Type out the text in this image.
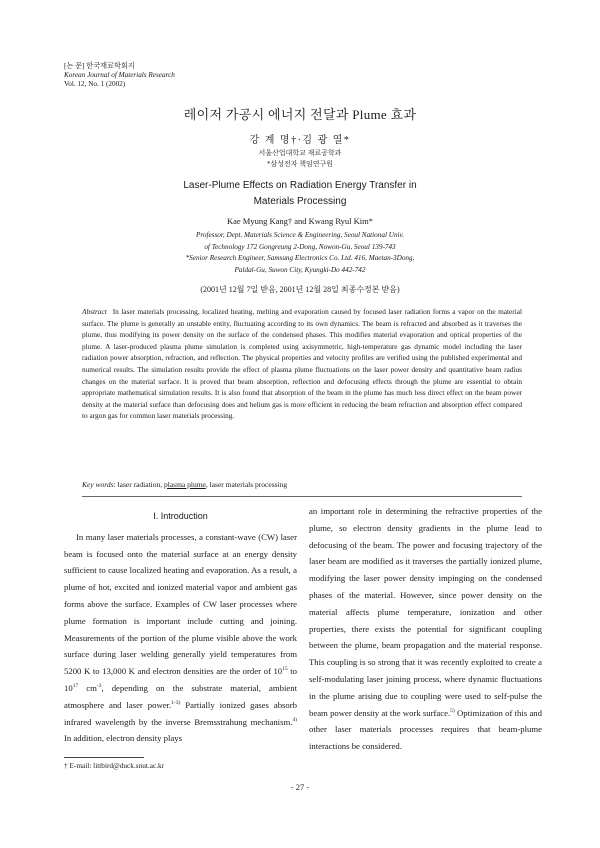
[논 문] 한국재료학회지
Korean Journal of Materials Research
Vol. 12, No. 1 (2002)
레이저 가공시 에너지 전달과 Plume 효과
강 계 명†·김 광 열*
서울산업대학교 재료공학과
*삼성전자 책임연구원
Laser-Plume Effects on Radiation Energy Transfer in
Materials Processing
Kae Myung Kang† and Kwang Ryul Kim*
Professor, Dept. Materials Science & Engineering, Seoul National Univ.
of Technology 172 Gongreung 2-Dong, Nowon-Gu, Seoul 139-743
*Senior Research Engineer, Samsung Electronics Co. Ltd. 416, Maetan-3Dong,
Paldal-Gu, Suwon City, Kyungki-Do 442-742
(2001년 12월 7일 받음, 2001년 12월 28일 최종수정본 받음)
Abstract In laser materials processing, localized heating, melting and evaporation caused by focused laser radiation forms a vapor on the material surface. The plume is generally an unstable entity, fluctuating according to its own dynamics. The beam is refracted and absorbed as it traverses the plume, thus modifying its power density on the surface of the condensed phases. This modifies material evaporation and optical properties of the plume. A laser-produced plasma plume simulation is completed using axisymmetric, high-temperature gas dynamic model including the laser radiation power absorption, refraction, and reflection. The physical properties and velocity profiles are verified using the published experimental and numerical results. The simulation results provide the effect of plasma plume fluctuations on the laser power density and quantitative beam radius changes on the material surface. It is proved that beam absorption, reflection and defocusing effects through the plume are essential to obtain appropriate mathematical simulation results. It is also found that absorption of the beam in the plume has much less direct effect on the beam power density at the material surface than defocusing does and helium gas is more efficient in reducing the beam refraction and absorption effect compared to argon gas for common laser materials processing.
Key words: laser radiation, plasma plume, laser materials processing
I. Introduction

In many laser materials processes, a constant-wave (CW) laser beam is focused onto the material surface at an energy density sufficient to cause localized heating and evaporation. As a result, a plume of hot, excited and ionized material vapor and ambient gas forms above the surface. Examples of CW laser processes where plume formation is important include cutting and joining. Measurements of the portion of the plume visible above the work surface during laser welding generally yield temperatures from 5200 K to 13,000 K and electron densities are the order of $10^{15}$ to $10^{17}$ $cm^{-3}$, depending on the substrate material, ambient atmosphere and laser power.$^{1-3)}$ Partially ionized gases absorb infrared wavelength by the inverse Bremsstrahung mechanism.$^{4)}$ In addition, electron density plays

an important role in determining the refractive properties of the plume, so electron density gradients in the plume lead to defocusing of the beam. The power and focusing trajectory of the laser beam are modified as it traverses the partially ionized plume, modifying the laser power density impinging on the condensed phases of the material. However, since power density on the material affects plume temperature, ionization and other properties, there exists the potential for significant coupling between the plume, beam propagation and the material response. This coupling is so strong that it was recently exploited to create a self-modulating laser joining process, where dynamic fluctuations in the plume arising due to coupling were used to self-pulse the beam power density at the work surface.$^{5)}$ Optimization of this and other laser materials processes requires that beam-plume interactions be considered.

† E-mail: littbird@duck.snut.ac.kr
- 27 -
